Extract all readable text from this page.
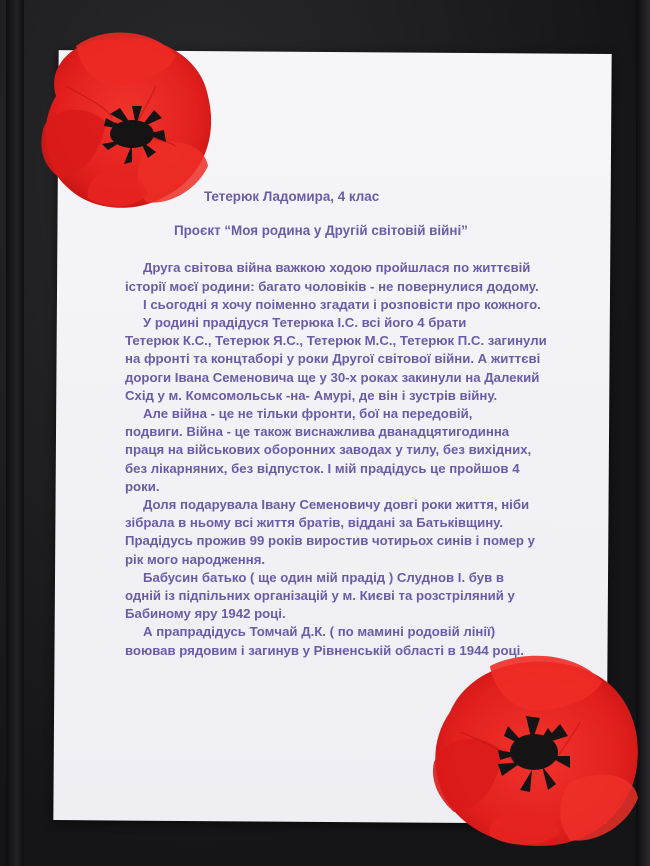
Тетерюк Ладомира, 4 клас
Проєкт “Моя родина у Другій світовій війні”
Друга світова війна важкою ходою пройшлася по життєвій
історії моєї родини: багато чоловіків - не повернулися додому.
І сьогодні я хочу поіменно згадати і розповісти про кожного.
У родині прадідуся Тетерюка І.С. всі його 4 брати
Тетерюк К.С., Тетерюк Я.С., Тетерюк М.С., Тетерюк П.С. загинули
на фронті та концтаборі у роки Другої світової війни. А життєві
дороги Івана Семеновича ще у 30-х роках закинули на Далекий
Схід у м. Комсомольськ -на- Амурі, де він і зустрів війну.
Але війна - це не тільки фронти, бої на передовій,
подвиги. Війна - це також виснажлива дванадцятигодинна
праця на військових оборонних заводах у тилу, без вихідних,
без лікарняних, без відпусток. І мій прадідусь це пройшов 4
роки.
Доля подарувала Івану Семеновичу довгі роки життя, ніби
зібрала в ньому всі життя братів, віддані за Батьківщину.
Прадідусь прожив 99 років виростив чотирьох синів і помер у
рік мого народження.
Бабусин батько ( ще один мій прадід ) Слуднов І. був в
одній із підпільних організацій у м. Києві та розстріляний у
Бабиному яру 1942 році.
А прапрадідусь Томчай Д.К. ( по мамині родовій лінії)
воював рядовим і загинув у Рівненській області в 1944 році.
